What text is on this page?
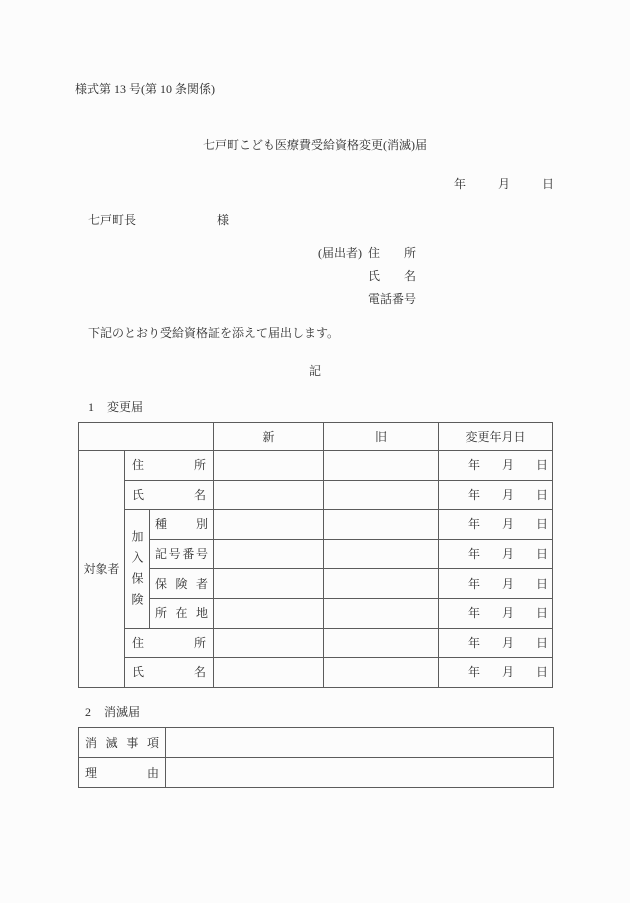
様式第 13 号(第 10 条関係)
七戸町こども医療費受給資格変更(消滅)届
年 月 日
七戸町長	様
(届出者) 住　　所
氏　　名
電話番号
下記のとおり受給資格証を添えて届出します。
記
1 変更届
			新	旧	変更年月日
対象者	住所				年 月 日
	氏名				年 月 日
	加入保険	種別			年 月 日
		記号番号			年 月 日
		保険者			年 月 日
		所在地			年 月 日
	住所				年 月 日
	氏名				年 月 日
2 消滅届
消滅事項	
理由	
